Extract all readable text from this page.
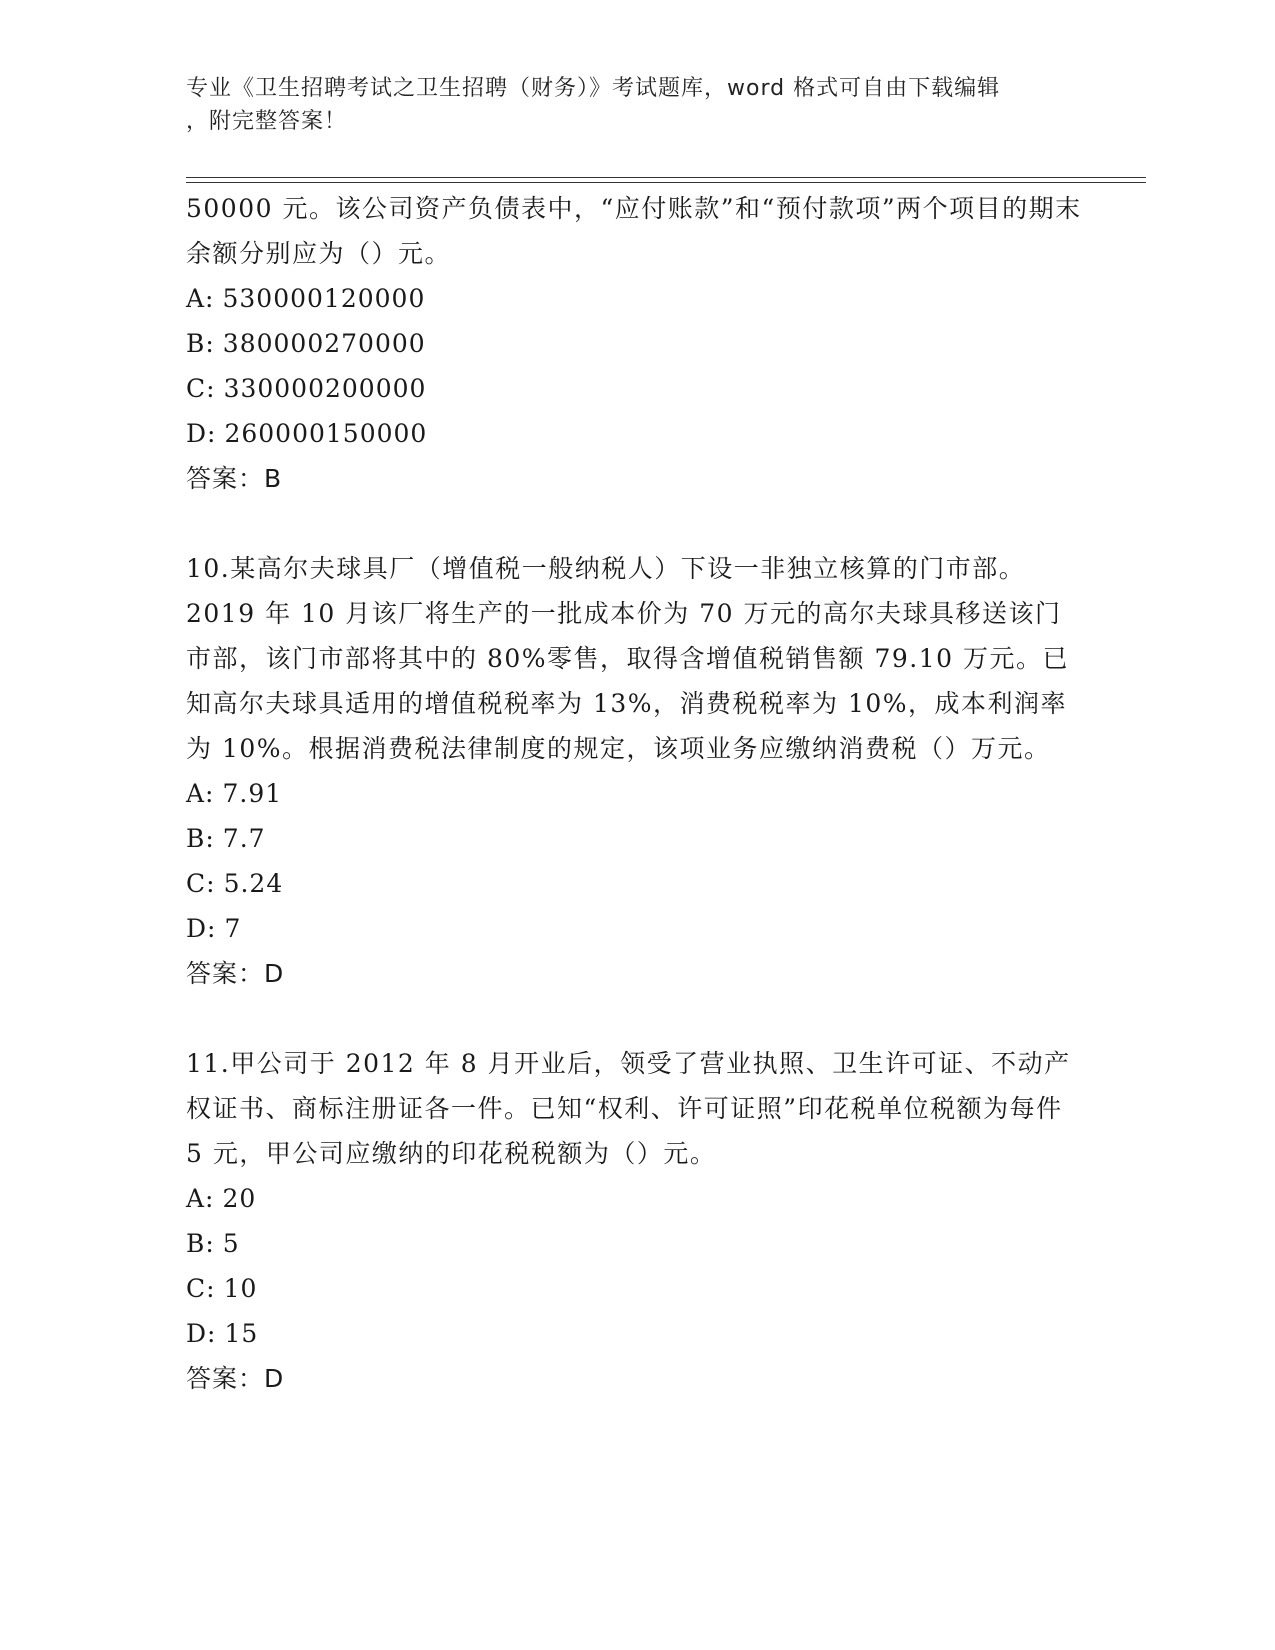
专业《卫生招聘考试之卫生招聘（财务）》考试题库，word 格式可自由下载编辑
，附完整答案！

50000 元。该公司资产负债表中，“应付账款”和“预付款项”两个项目的期末余额分别应为（）元。

A: 530000120000

B: 380000270000

C: 330000200000

D: 260000150000

答案：B

10.某高尔夫球具厂（增值税一般纳税人）下设一非独立核算的门市部。2019 年 10 月该厂将生产的一批成本价为 70 万元的高尔夫球具移送该门市部，该门市部将其中的 80%零售，取得含增值税销售额 79.10 万元。已知高尔夫球具适用的增值税税率为 13%，消费税税率为 10%，成本利润率为 10%。根据消费税法律制度的规定，该项业务应缴纳消费税（）万元。

A: 7.91

B: 7.7

C: 5.24

D: 7

答案：D

11.甲公司于 2012 年 8 月开业后，领受了营业执照、卫生许可证、不动产权证书、商标注册证各一件。已知“权利、许可证照”印花税单位税额为每件 5 元，甲公司应缴纳的印花税税额为（）元。

A: 20

B: 5

C: 10

D: 15

答案：D
